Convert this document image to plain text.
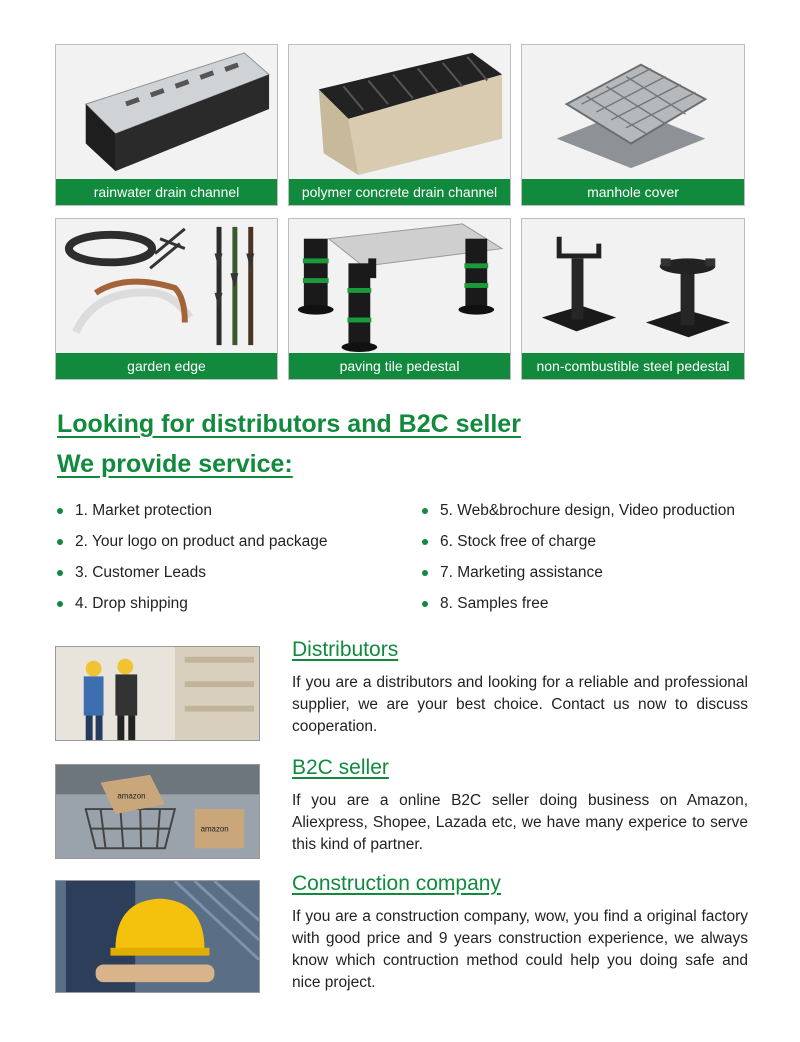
rainwater drain channel	polymer concrete drain channel	manhole cover
garden edge	paving tile pedestal	non-combustible steel pedestal
Looking for distributors and B2C seller
We provide service:
1. Market protection	5. Web&brochure design, Video production
2. Your logo on product and package	6. Stock free of charge
3. Customer Leads	7. Marketing assistance
4. Drop shipping	8. Samples free
Distributors

If you are a distributors and looking for a reliable and professional supplier, we are your best choice. Contact us now to discuss cooperation.

amazon
amazon
B2C seller

If you are a online B2C seller doing business on Amazon, Aliexpress, Shopee, Lazada etc, we have many experice to serve this kind of partner.

Construction company

If you are a construction company, wow, you find a original factory with good price and 9 years construction experience, we always know which contruction method could help you doing safe and nice project.
